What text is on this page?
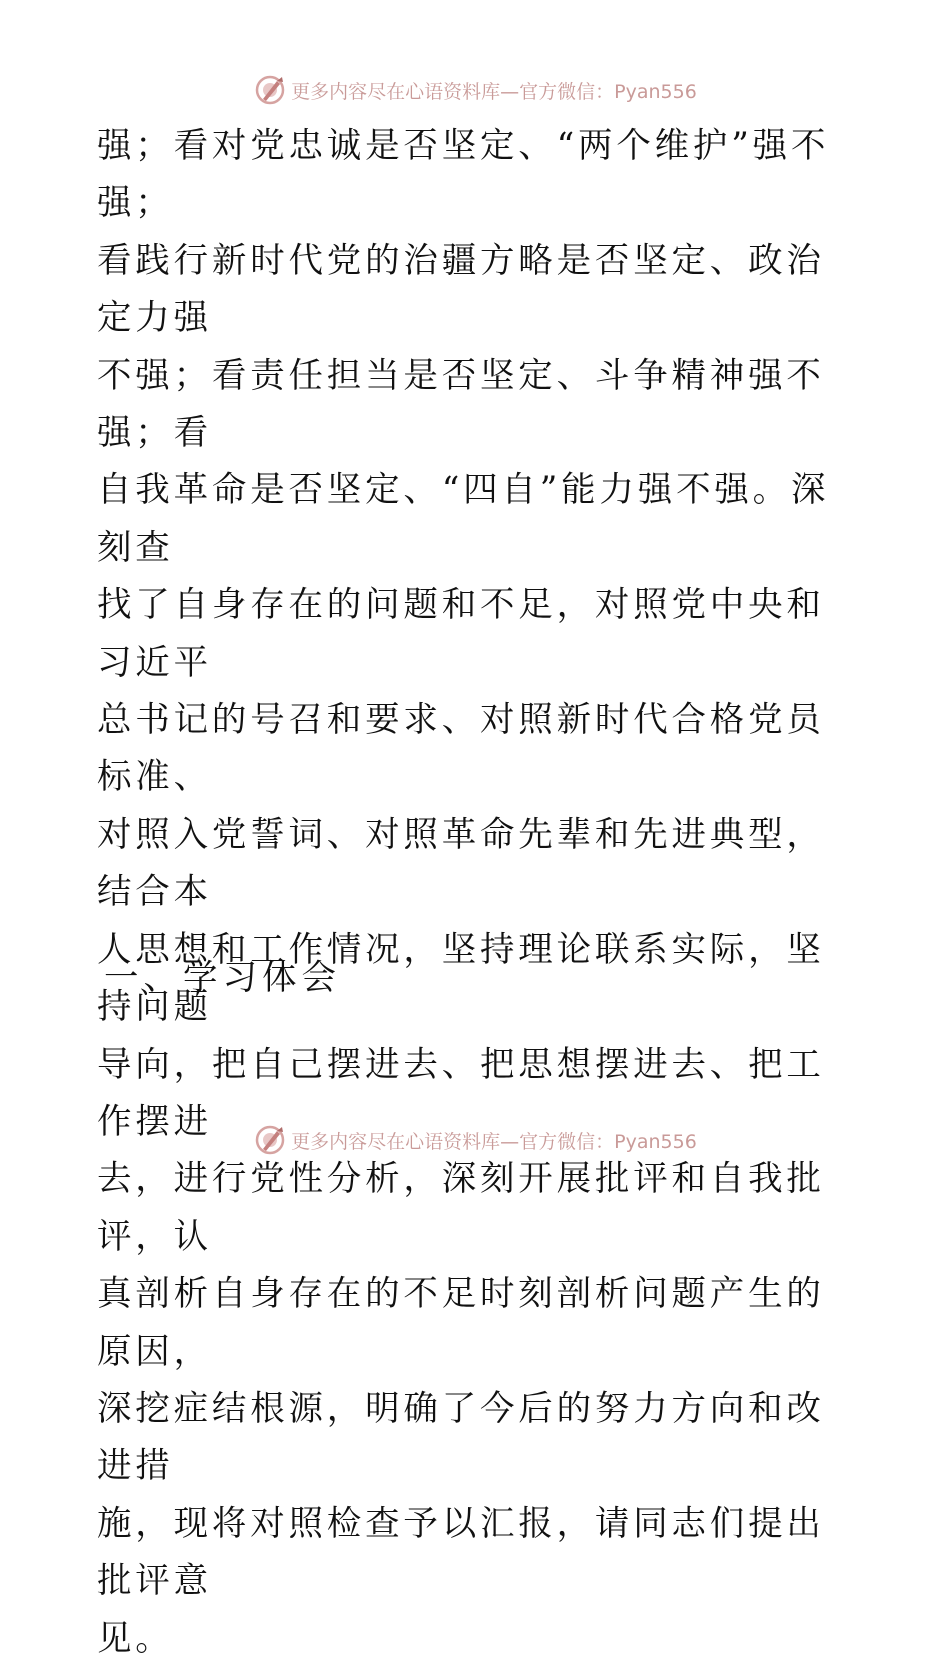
更多内容尽在心语资料库—官方微信：Pyan556

强；看对党忠诚是否坚定、“两个维护”强不强；

看践行新时代党的治疆方略是否坚定、政治定力强

不强；看责任担当是否坚定、斗争精神强不强；看

自我革命是否坚定、“四自”能力强不强。深刻查

找了自身存在的问题和不足，对照党中央和习近平

总书记的号召和要求、对照新时代合格党员标准、

对照入党誓词、对照革命先辈和先进典型，结合本

人思想和工作情况，坚持理论联系实际，坚持问题

导向，把自己摆进去、把思想摆进去、把工作摆进

去，进行党性分析，深刻开展批评和自我批评，认

真剖析自身存在的不足时刻剖析问题产生的原因，

深挖症结根源，明确了今后的努力方向和改进措

施，现将对照检查予以汇报，请同志们提出批评意

见。

一、学习体会
更多内容尽在心语资料库—官方微信：Pyan556
